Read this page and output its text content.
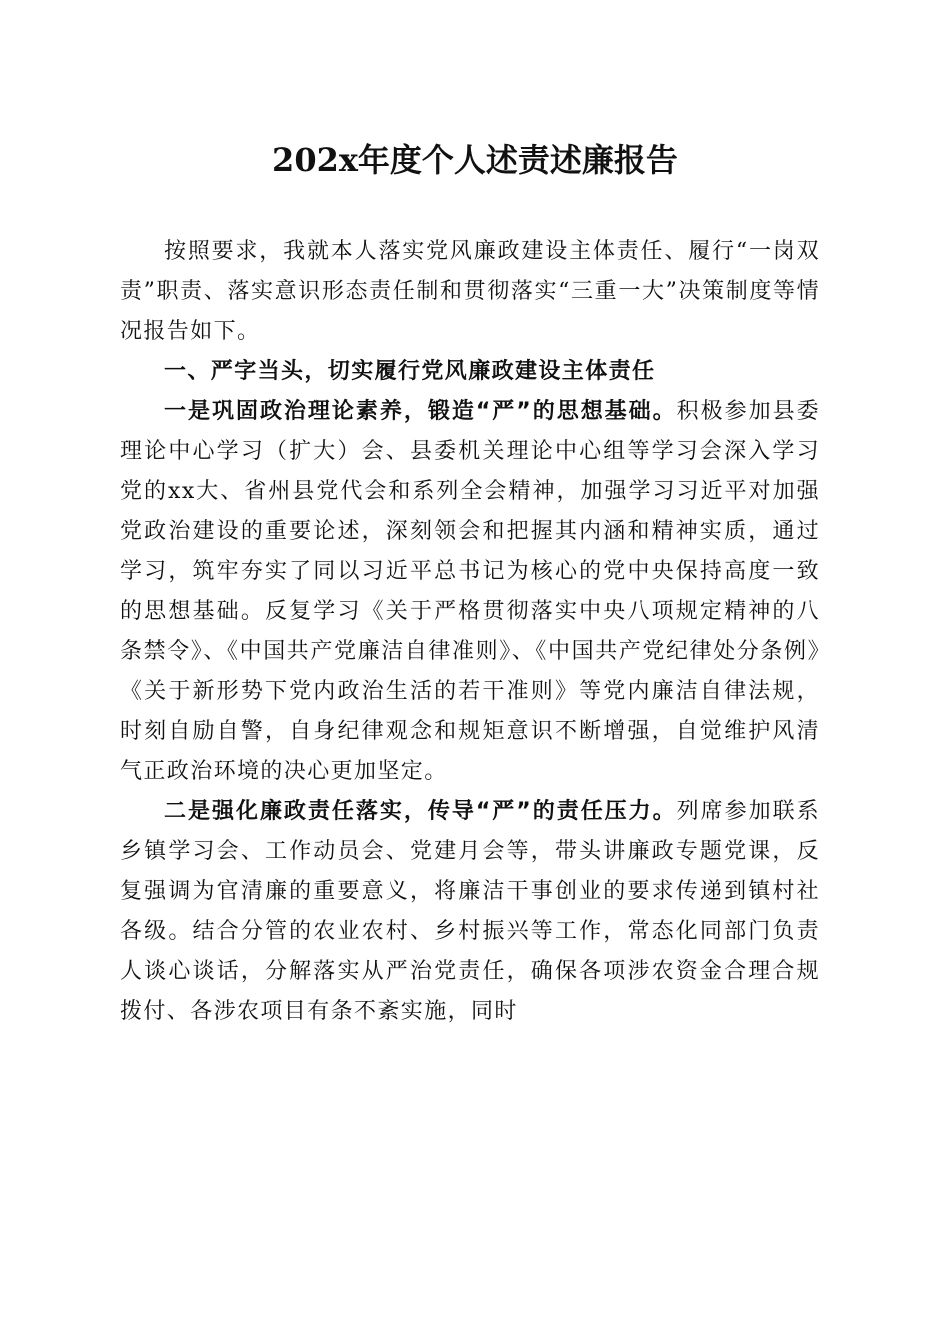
202x年度个人述责述廉报告

按照要求，我就本人落实党风廉政建设主体责任、履行“一岗双责”职责、落实意识形态责任制和贯彻落实“三重一大”决策制度等情况报告如下。

一、严字当头，切实履行党风廉政建设主体责任

一是巩固政治理论素养，锻造“严”的思想基础。积极参加县委理论中心学习（扩大）会、县委机关理论中心组等学习会深入学习党的xx大、省州县党代会和系列全会精神，加强学习习近平对加强党政治建设的重要论述，深刻领会和把握其内涵和精神实质，通过学习，筑牢夯实了同以习近平总书记为核心的党中央保持高度一致的思想基础。反复学习《关于严格贯彻落实中央八项规定精神的八条禁令》、《中国共产党廉洁自律准则》、《中国共产党纪律处分条例》《关于新形势下党内政治生活的若干准则》等党内廉洁自律法规，时刻自励自警，自身纪律观念和规矩意识不断增强，自觉维护风清气正政治环境的决心更加坚定。

二是强化廉政责任落实，传导“严”的责任压力。列席参加联系乡镇学习会、工作动员会、党建月会等，带头讲廉政专题党课，反复强调为官清廉的重要意义，将廉洁干事创业的要求传递到镇村社各级。结合分管的农业农村、乡村振兴等工作，常态化同部门负责人谈心谈话，分解落实从严治党责任，确保各项涉农资金合理合规拨付、各涉农项目有条不紊实施，同时
